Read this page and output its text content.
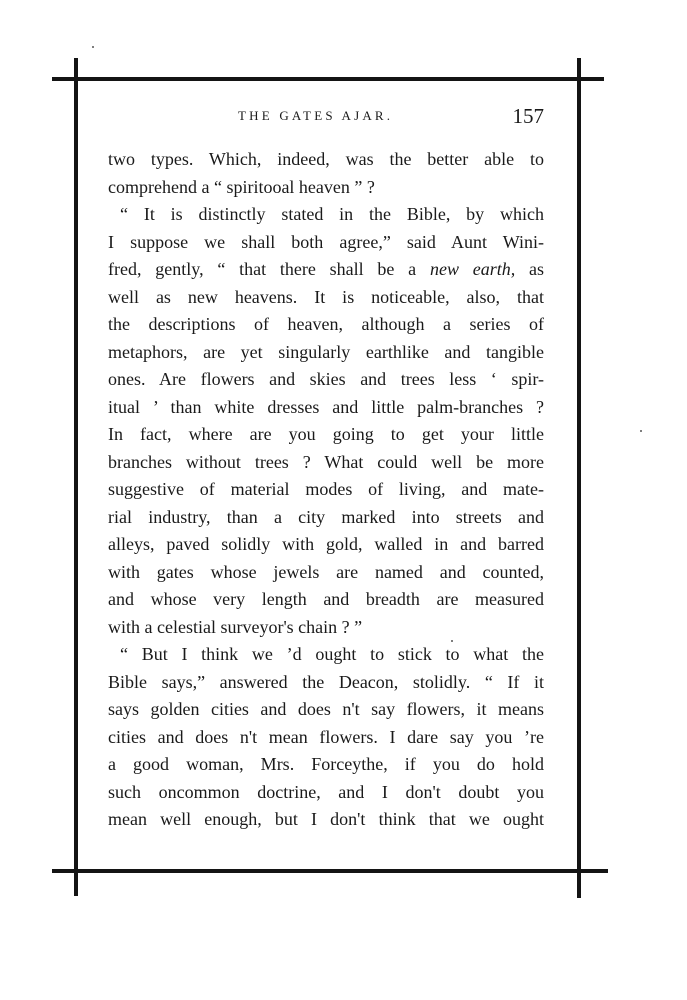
THE GATES AJAR.	157
two types. Which, indeed, was the better able to
comprehend a “ spiritooal heaven ” ?
“ It is distinctly stated in the Bible, by which
I suppose we shall both agree,” said Aunt Wini-
fred, gently, “ that there shall be a new earth, as
well as new heavens. It is noticeable, also, that
the descriptions of heaven, although a series of
metaphors, are yet singularly earthlike and tangible
ones. Are flowers and skies and trees less ‘ spir-
itual ’ than white dresses and little palm-branches ?
In fact, where are you going to get your little
branches without trees ? What could well be more
suggestive of material modes of living, and mate-
rial industry, than a city marked into streets and
alleys, paved solidly with gold, walled in and barred
with gates whose jewels are named and counted,
and whose very length and breadth are measured
with a celestial surveyor's chain ? ”
“ But I think we ’d ought to stick to what the
Bible says,” answered the Deacon, stolidly. “ If it
says golden cities and does n't say flowers, it means
cities and does n't mean flowers. I dare say you ’re
a good woman, Mrs. Forceythe, if you do hold
such oncommon doctrine, and I don't doubt you
mean well enough, but I don't think that we ought
